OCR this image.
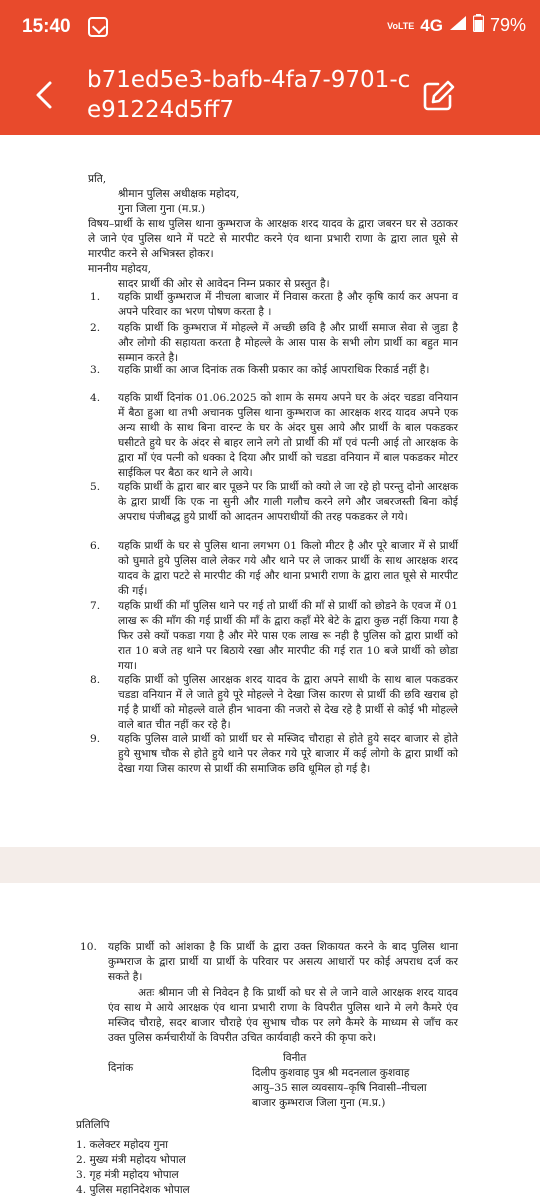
15:40	VoLTE 4G	79%
b71ed5e3-bafb-4fa7-9701-ce91224d5ff7
प्रति,
श्रीमान पुलिस अधीक्षक महोदय,
गुना जिला गुना (म.प्र.)
विषय–प्रार्थी के साथ पुलिस थाना कुम्भराज के आरक्षक शरद यादव के द्वारा जबरन घर से उठाकर ले जाने एंव पुलिस थाने में पटटे से मारपीट करने एंव थाना प्रभारी राणा के द्वारा लात घूसे से मारपीट करने से अभित्रस्त होकर।
माननीय महोदय,
सादर प्रार्थी की ओर से आवेदन निम्न प्रकार से प्रस्तुत है।
1. यहकि प्रार्थी कुम्भराज में नीचला बाजार में निवास करता है और कृषि कार्य कर अपना व अपने परिवार का भरण पोषण करता है ।
2. यहकि प्रार्थी कि कुम्भराज में मोहल्ले में अच्छी छवि है और प्रार्थी समाज सेवा से जुडा है और लोगो की सहायता करता है मोहल्ले के आस पास के सभी लोग प्रार्थी का बहुत मान सम्मान करते है।
3. यहकि प्रार्थी का आज दिनांक तक किसी प्रकार का कोई आपराधिक रिकार्ड नहीं है।
4. यहकि प्रार्थी दिनांक 01.06.2025 को शाम के समय अपने घर के अंदर चडडा वनियान में बैठा हुआ था तभी अचानक पुलिस थाना कुम्भराज का आरक्षक शरद यादव अपने एक अन्य साथी के साथ बिना वारन्ट के घर के अंदर घुस आये और प्रार्थी के बाल पकडकर घसीटते हुये घर के अंदर से बाहर लाने लगे तो प्रार्थी की माँ एवं पत्नी आई तो आरक्षक के द्वारा माँ एंव पत्नी को धक्का दे दिया और प्रार्थी को चडडा वनियान में बाल पकडकर मोटर साईकिल पर बैठा कर थाने ले आये।
5. यहकि प्रार्थी के द्वारा बार बार पूछने पर कि प्रार्थी को क्यो ले जा रहे हो परन्तु दोनो आरक्षक के द्वारा प्रार्थी कि एक ना सुनी और गाली गलौच करने लगे और जबरजस्ती बिना कोई अपराध पंजीबद्ध हुये प्रार्थी को आदतन आपराधीयों की तरह पकडकर ले गये।
6. यहकि प्रार्थी के घर से पुलिस थाना लगभग 01 किलो मीटर है और पूरे बाजार में से प्रार्थी को घुमाते हुये पुलिस वाले लेकर गये और थाने पर ले जाकर प्रार्थी के साथ आरक्षक शरद यादव के द्वारा पटटे से मारपीट की गई और थाना प्रभारी राणा के द्वारा लात घूसे से मारपीट की गई।
7. यहकि प्रार्थी की माँ पुलिस थाने पर गई तो प्रार्थी की माँ से प्रार्थी को छोडने के एवज में 01 लाख रू की माँग की गई प्रार्थी की माँ के द्वारा कहाँ मेरे बेटे के द्वारा कुछ नहीं किया गया है फिर उसे क्यों पकडा गया है और मेरे पास एक लाख रू नही है पुलिस को द्वारा प्रार्थी को रात 10 बजे तह थाने पर बिठाये रखा और मारपीट की गई रात 10 बजे प्रार्थी को छोडा गया।
8. यहकि प्रार्थी को पुलिस आरक्षक शरद यादव के द्वारा अपने साथी के साथ बाल पकडकर चडडा वनियान में ले जाते हुये पूरे मोहल्ले ने देखा जिस कारण से प्रार्थी की छवि खराब हो गई है प्रार्थी को मोहल्ले वाले हीन भावना की नजरो से देख रहे है प्रार्थी से कोई भी मोहल्ले वाले बात चीत नहीं कर रहे है।
9. यहकि पुलिस वाले प्रार्थी को प्रार्थी घर से मस्जिद चौराहा से होते हुये सदर बाजार से होते हुये सुभाष चौक से होते हुये थाने पर लेकर गये पूरे बाजार में कई लोगो के द्वारा प्रार्थी को देखा गया जिस कारण से प्रार्थी की समाजिक छवि धूमिल हो गई है।
10. यहकि प्रार्थी को आंशका है कि प्रार्थी के द्वारा उक्त शिकायत करने के बाद पुलिस थाना कुम्भराज के द्वारा प्रार्थी या प्रार्थी के परिवार पर असत्य आधारों पर कोई अपराध दर्ज कर सकते है।
अतः श्रीमान जी से निवेदन है कि प्रार्थी को घर से ले जाने वाले आरक्षक शरद यादव एंव साथ मे आये आरक्षक एंव थाना प्रभारी राणा के विपरीत पुलिस थाने मे लगे कैमरे एंव मस्जिद चौराहे, सदर बाजार चौराहे एंव सुभाष चौक पर लगे कैमरे के माध्यम से जाँच कर उक्त पुलिस कर्मचारीयों के विपरीत उचित कार्यवाही करने की कृपा करे।
दिनांक
विनीत
दिलीप कुशवाह पुत्र श्री मदनलाल कुशवाह
आयु–35 साल व्यवसाय–कृषि निवासी–नीचला
बाजार कुम्भराज जिला गुना (म.प्र.)
प्रतिलिपि
1. कलेक्टर महोदय गुना
2. मुख्य मंत्री महोदय भोपाल
3. गृह मंत्री महोदय भोपाल
4. पुलिस महानिदेशक भोपाल
